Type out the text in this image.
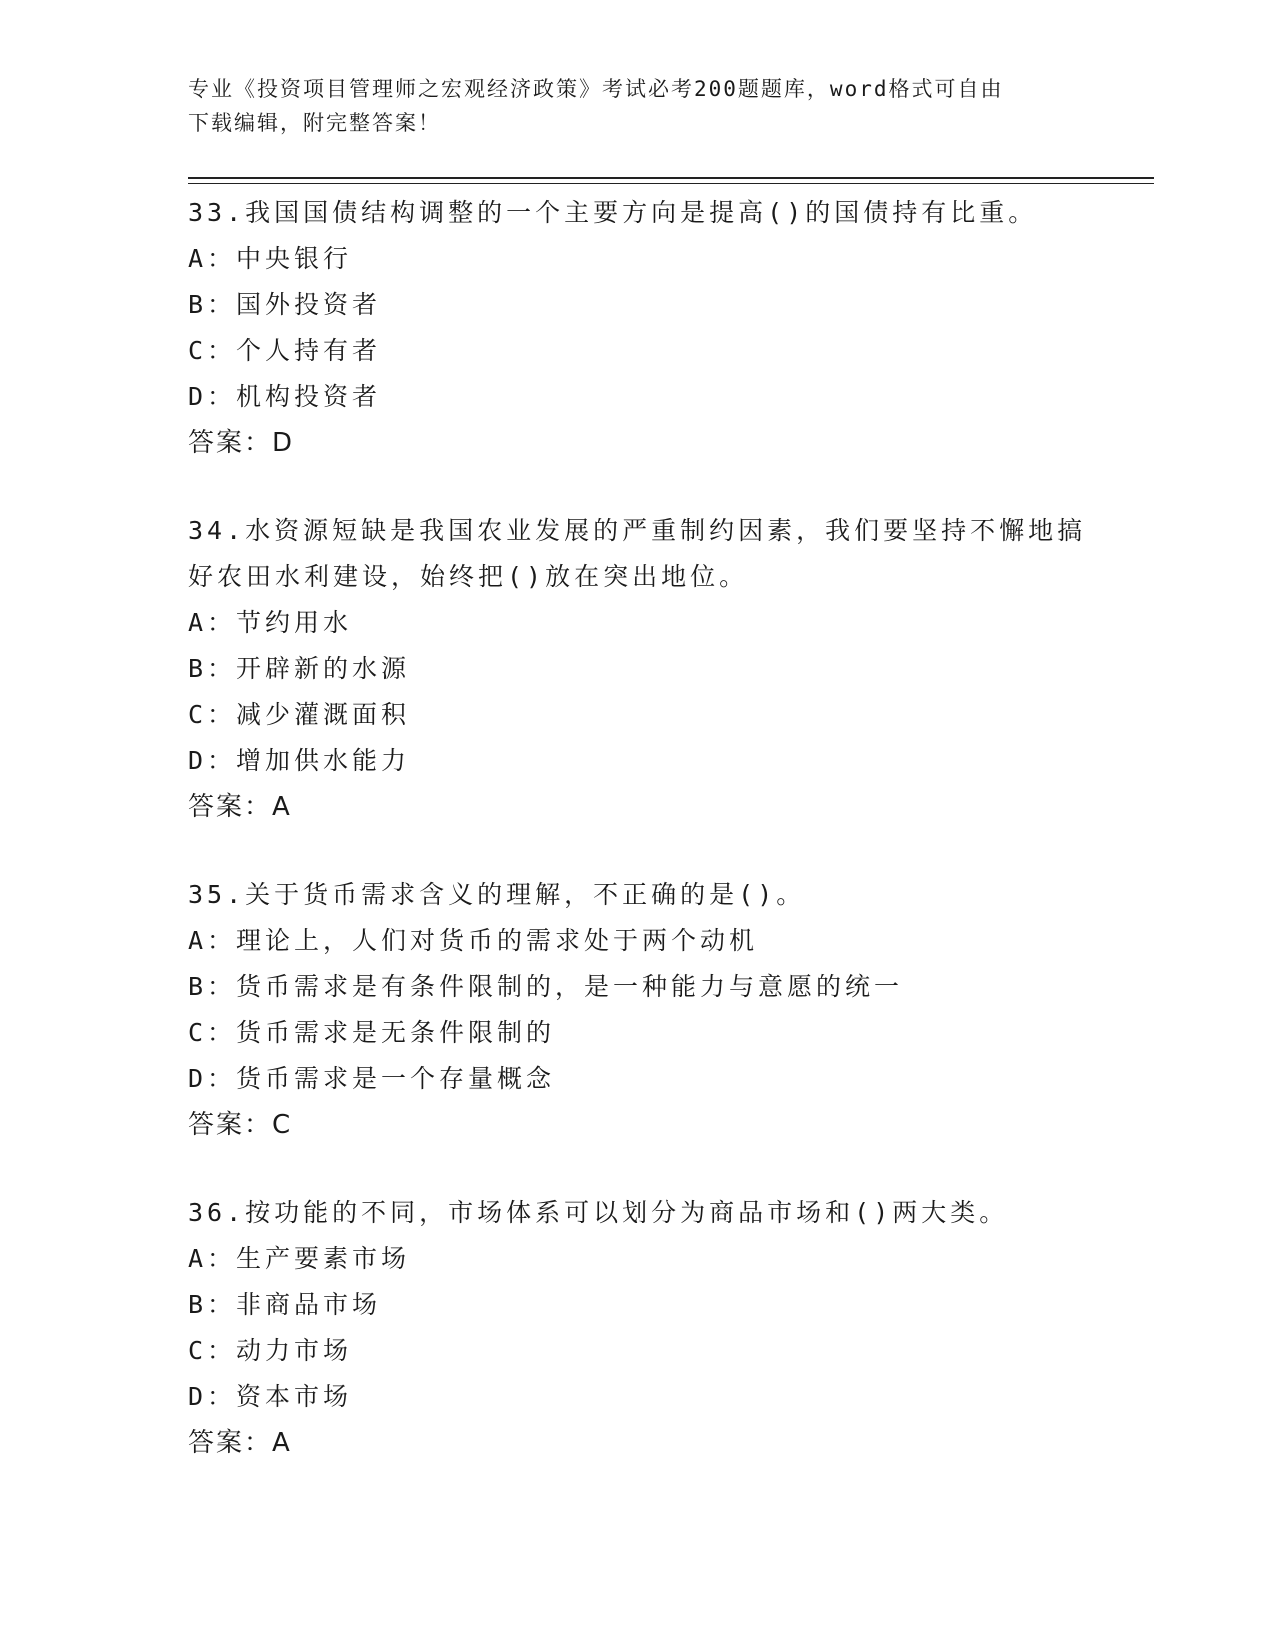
专业《投资项目管理师之宏观经济政策》考试必考200题题库，word格式可自由
下载编辑，附完整答案！
33.我国国债结构调整的一个主要方向是提高()的国债持有比重。
A：中央银行
B：国外投资者
C：个人持有者
D：机构投资者
答案：D
34.水资源短缺是我国农业发展的严重制约因素，我们要坚持不懈地搞
好农田水利建设，始终把()放在突出地位。
A：节约用水
B：开辟新的水源
C：减少灌溉面积
D：增加供水能力
答案：A
35.关于货币需求含义的理解，不正确的是()。
A：理论上，人们对货币的需求处于两个动机
B：货币需求是有条件限制的，是一种能力与意愿的统一
C：货币需求是无条件限制的
D：货币需求是一个存量概念
答案：C
36.按功能的不同，市场体系可以划分为商品市场和()两大类。
A：生产要素市场
B：非商品市场
C：动力市场
D：资本市场
答案：A
